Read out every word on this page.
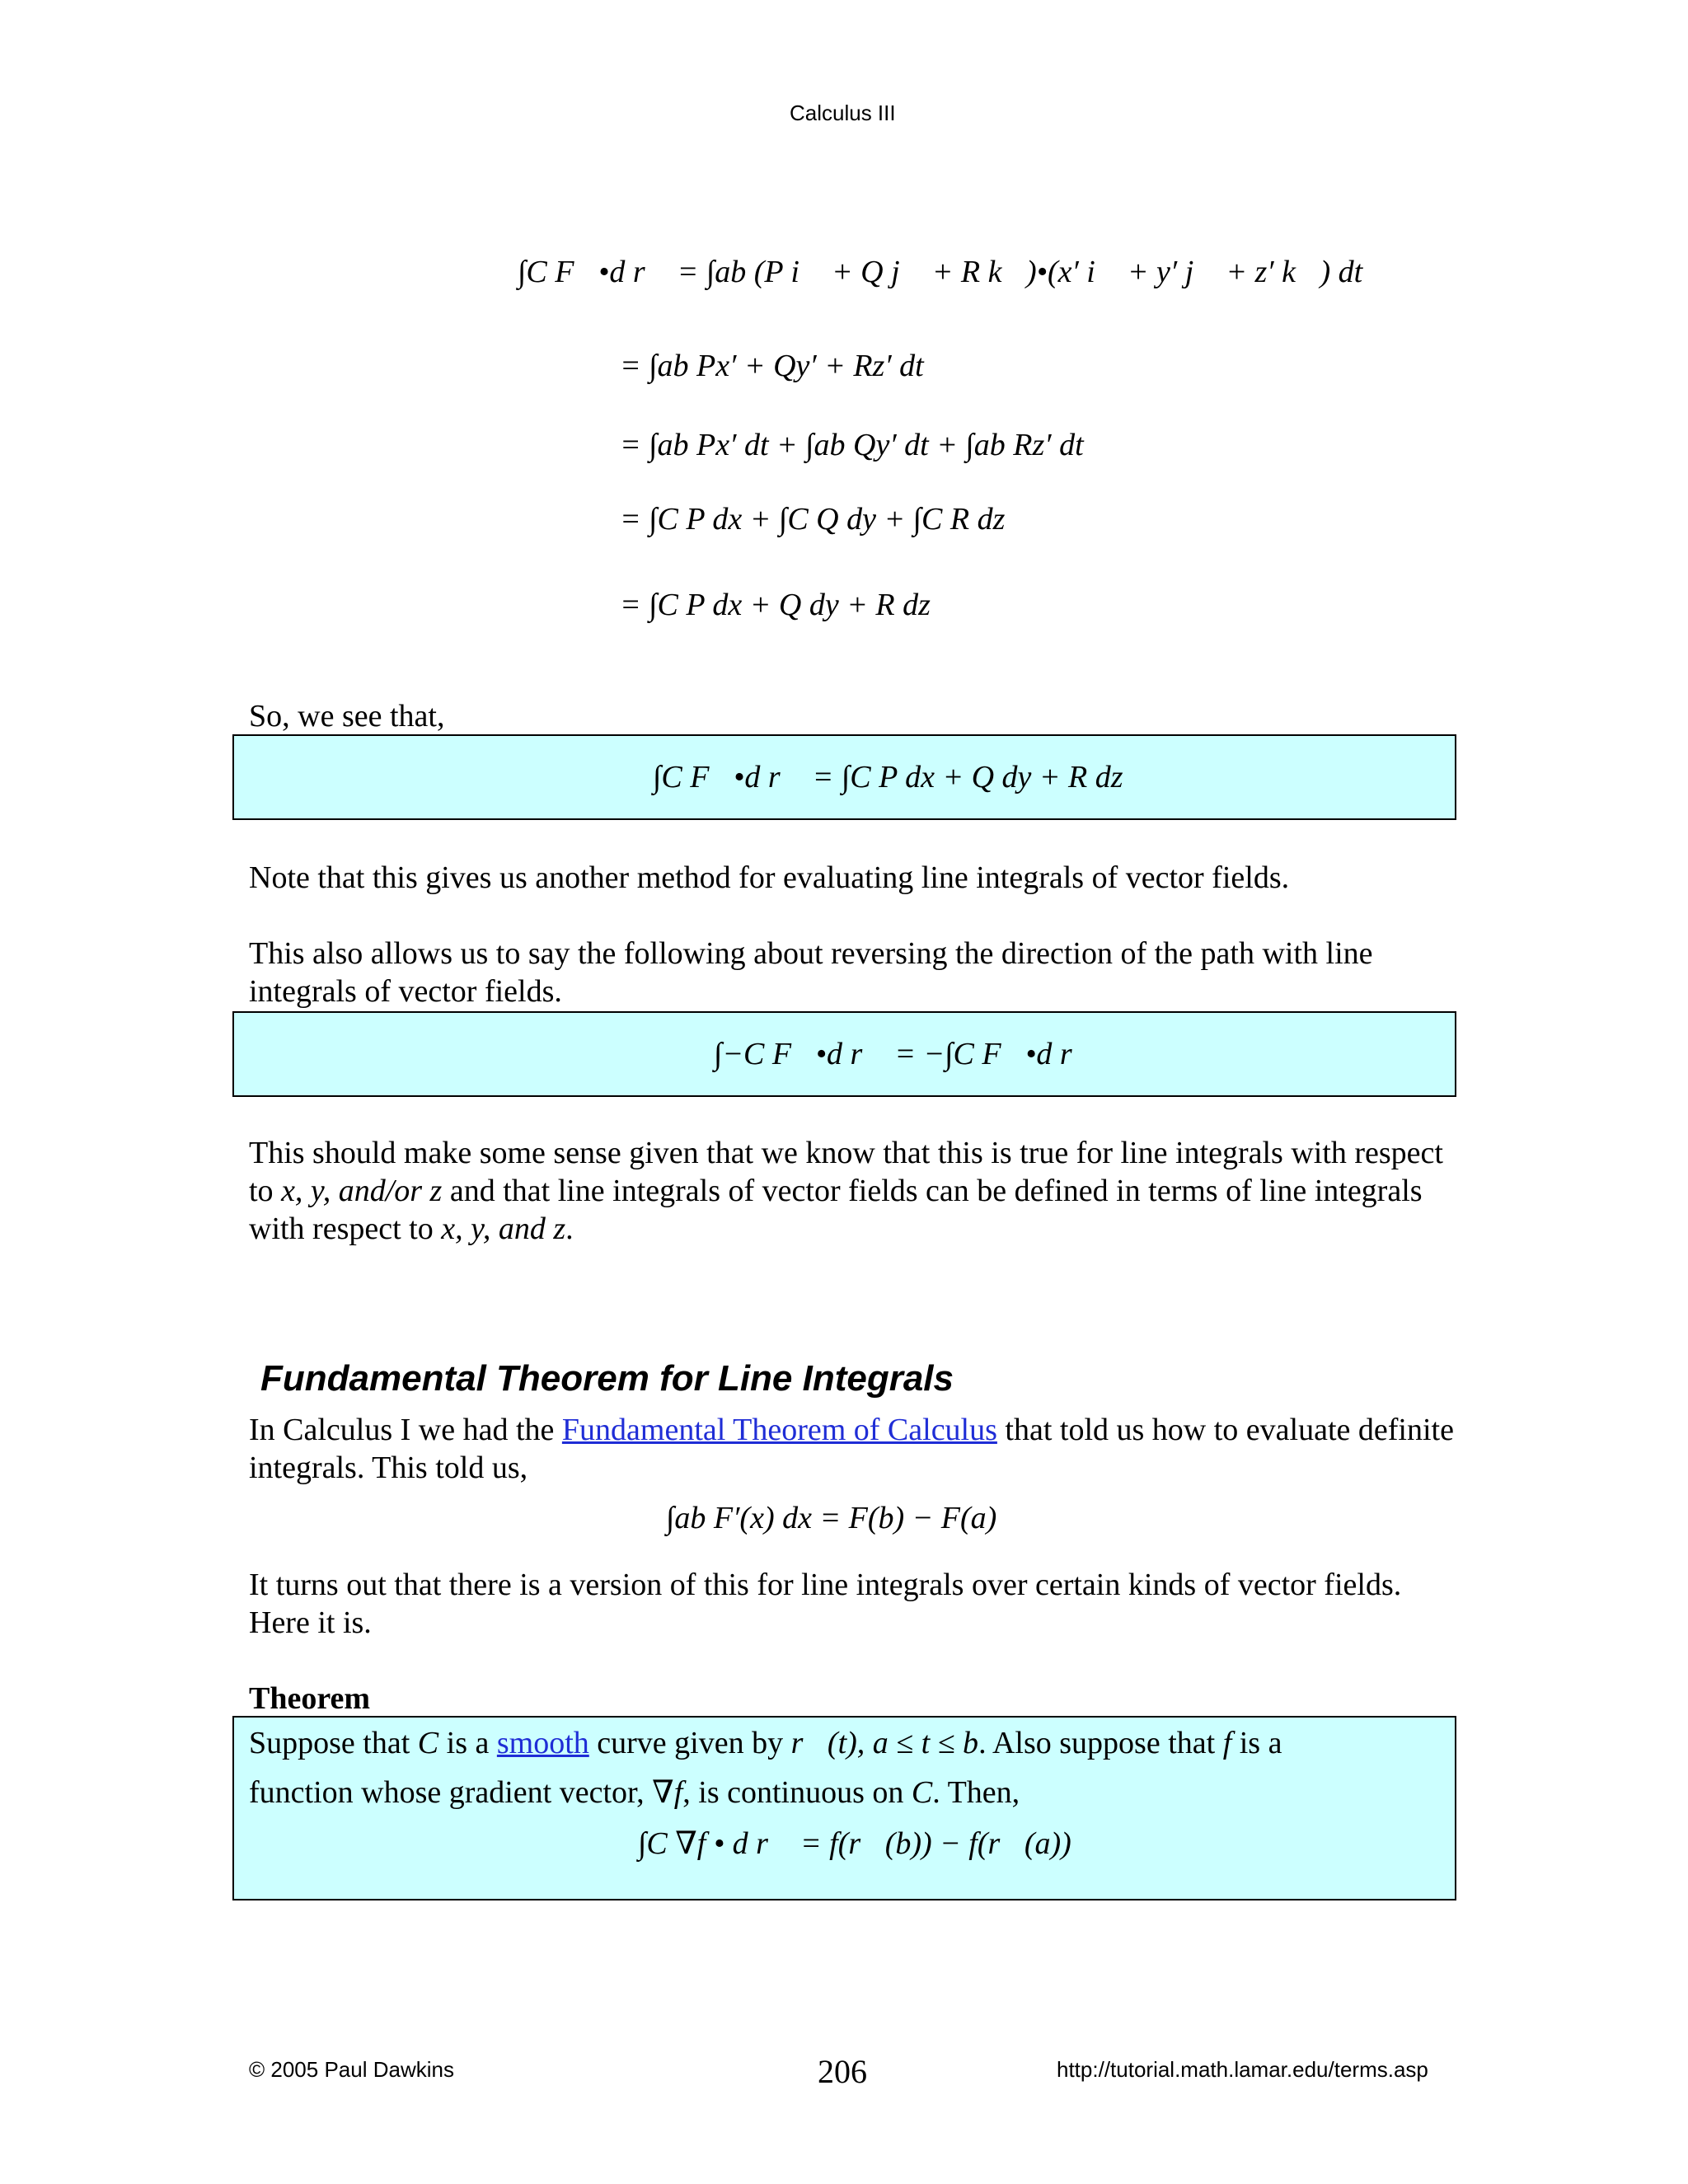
Calculus III
∫C F⃗•d r⃗ = ∫ab (P i⃗ + Q j⃗ + R k⃗)•(x′ i⃗ + y′ j⃗ + z′ k⃗) dt
= ∫ab Px′ + Qy′ + Rz′ dt
= ∫ab Px′ dt + ∫ab Qy′ dt + ∫ab Rz′ dt
= ∫C P dx + ∫C Q dy + ∫C R dz
= ∫C P dx + Q dy + R dz
So, we see that,
∫C F⃗•d r⃗ = ∫C P dx + Q dy + R dz
Note that this gives us another method for evaluating line integrals of vector fields.
This also allows us to say the following about reversing the direction of the path with line integrals of vector fields.
∫−C F⃗•d r⃗ = −∫C F⃗•d r⃗
This should make some sense given that we know that this is true for line integrals with respect to x, y, and/or z and that line integrals of vector fields can be defined in terms of line integrals with respect to x, y, and z.
Fundamental Theorem for Line Integrals
In Calculus I we had the Fundamental Theorem of Calculus that told us how to evaluate definite integrals. This told us,
∫ab F′(x) dx = F(b) − F(a)
It turns out that there is a version of this for line integrals over certain kinds of vector fields. Here it is.
Theorem
Suppose that C is a smooth curve given by r⃗(t), a ≤ t ≤ b. Also suppose that f is a
function whose gradient vector, ∇f, is continuous on C. Then,
∫C ∇f • d r⃗ = f(r⃗(b)) − f(r⃗(a))
© 2005 Paul Dawkins	206	http://tutorial.math.lamar.edu/terms.asp
